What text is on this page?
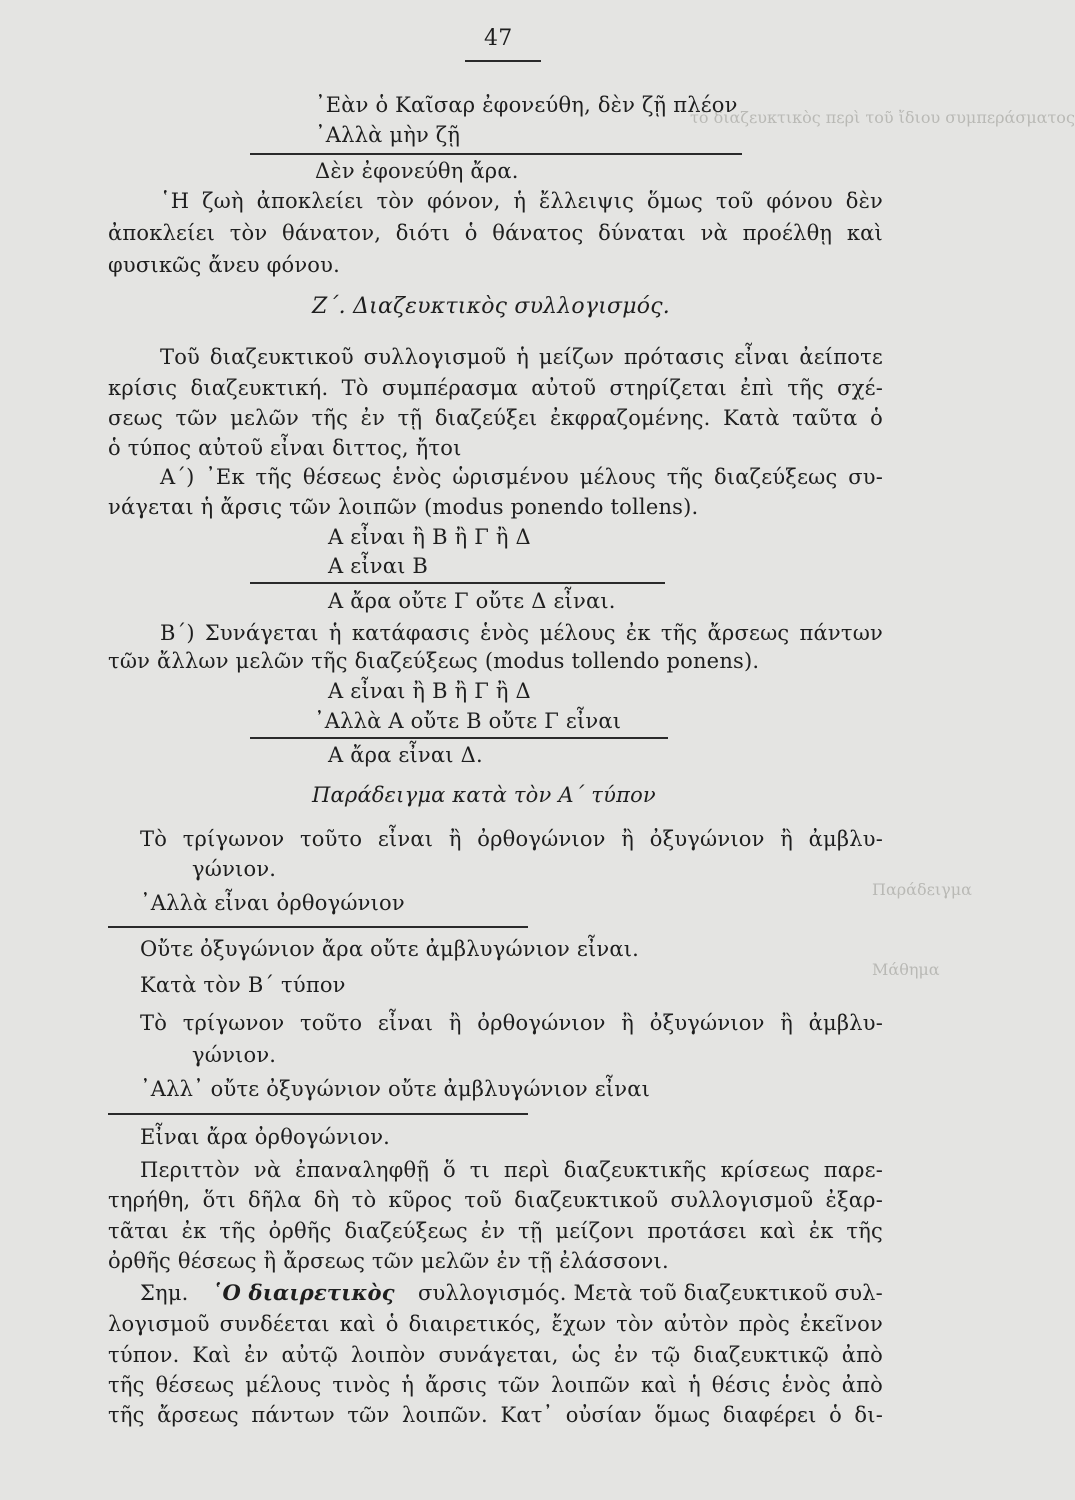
τὸ διαζευκτικὸς περὶ τοῦ ἴδιου συμπεράσματος
Παράδειγμα
Μάθημα
47
᾿Εὰν ὁ Καῖσαρ ἐφονεύθη, δὲν ζῇ πλέον
᾿Αλλὰ μὴν ζῇ
Δὲν ἐφονεύθη ἄρα.
῾Η ζωὴ ἀποκλείει τὸν φόνον, ἡ ἔλλειψις ὅμως τοῦ φόνου δὲν
ἀποκλείει τὸν θάνατον, διότι ὁ θάνατος δύναται νὰ προέλθῃ καὶ
φυσικῶς ἄνευ φόνου.
Ζ΄. Διαζευκτικὸς συλλογισμός.
Τοῦ διαζευκτικοῦ συλλογισμοῦ ἡ μείζων πρότασις εἶναι ἀείποτε
κρίσις διαζευκτική. Τὸ συμπέρασμα αὐτοῦ στηρίζεται ἐπὶ τῆς σχέ-
σεως τῶν μελῶν τῆς ἐν τῇ διαζεύξει ἐκφραζομένης. Κατὰ ταῦτα ὁ
ὁ τύπος αὐτοῦ εἶναι διττος, ἤτοι
Α΄) ᾿Εκ τῆς θέσεως ἑνὸς ὡρισμένου μέλους τῆς διαζεύξεως συ-
νάγεται ἡ ἄρσις τῶν λοιπῶν (modus ponendo tollens).
Α εἶναι ἢ Β ἢ Γ ἢ Δ
Α εἶναι Β
Α ἄρα οὔτε Γ οὔτε Δ εἶναι.
Β΄) Συνάγεται ἡ κατάφασις ἑνὸς μέλους ἐκ τῆς ἄρσεως πάντων
τῶν ἄλλων μελῶν τῆς διαζεύξεως (modus tollendo ponens).
Α εἶναι ἢ Β ἢ Γ ἢ Δ
᾿Αλλὰ Α οὔτε Β οὔτε Γ εἶναι
Α ἄρα εἶναι Δ.
Παράδειγμα κατὰ τὸν Α΄ τύπον
Τὸ τρίγωνον τοῦτο εἶναι ἢ ὀρθογώνιον ἢ ὀξυγώνιον ἢ ἀμβλυ-
γώνιον.
᾿Αλλὰ εἶναι ὀρθογώνιον
Οὔτε ὀξυγώνιον ἄρα οὔτε ἀμβλυγώνιον εἶναι.
Κατὰ τὸν Β΄ τύπον
Τὸ τρίγωνον τοῦτο εἶναι ἢ ὀρθογώνιον ἢ ὀξυγώνιον ἢ ἀμβλυ-
γώνιον.
᾿Αλλ᾿ οὔτε ὀξυγώνιον οὔτε ἀμβλυγώνιον εἶναι
Εἶναι ἄρα ὀρθογώνιον.
Περιττὸν νὰ ἐπαναληφθῇ ὅ τι περὶ διαζευκτικῆς κρίσεως παρε-
τηρήθη, ὅτι δῆλα δὴ τὸ κῦρος τοῦ διαζευκτικοῦ συλλογισμοῦ ἐξαρ-
τᾶται ἐκ τῆς ὀρθῆς διαζεύξεως ἐν τῇ μείζονι προτάσει καὶ ἐκ τῆς
ὀρθῆς θέσεως ἢ ἄρσεως τῶν μελῶν ἐν τῇ ἐλάσσονι.
Σημ. ῾Ο διαιρετικὸς συλλογισμός. Μετὰ τοῦ διαζευκτικοῦ συλ-
λογισμοῦ συνδέεται καὶ ὁ διαιρετικός, ἔχων τὸν αὐτὸν πρὸς ἐκεῖνον
τύπον. Καὶ ἐν αὐτῷ λοιπὸν συνάγεται, ὡς ἐν τῷ διαζευκτικῷ ἀπὸ
τῆς θέσεως μέλους τινὸς ἡ ἄρσις τῶν λοιπῶν καὶ ἡ θέσις ἑνὸς ἀπὸ
τῆς ἄρσεως πάντων τῶν λοιπῶν. Κατ᾿ οὐσίαν ὅμως διαφέρει ὁ δι-
